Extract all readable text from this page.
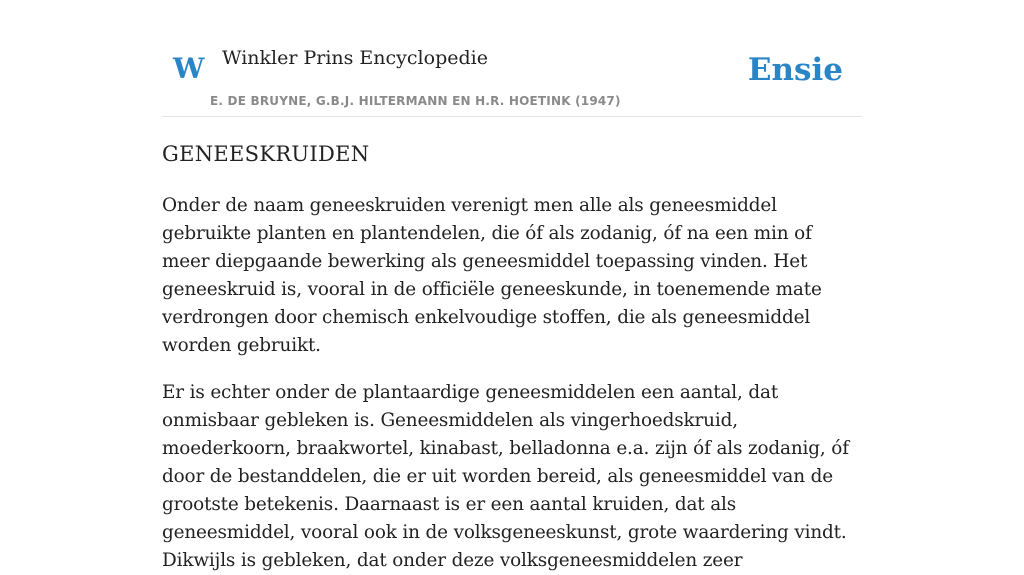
W Winkler Prins Encyclopedie
E. DE BRUYNE, G.B.J. HILTERMANN EN H.R. HOETINK (1947)
Ensie
GENEESKRUIDEN

Onder de naam geneeskruiden verenigt men alle als geneesmiddel gebruikte planten en plantendelen, die óf als zodanig, óf na een min of meer diepgaande bewerking als geneesmiddel toepassing vinden. Het geneeskruid is, vooral in de officiële geneeskunde, in toenemende mate verdrongen door chemisch enkelvoudige stoffen, die als geneesmiddel worden gebruikt.

Er is echter onder de plantaardige geneesmiddelen een aantal, dat onmisbaar gebleken is. Geneesmiddelen als vingerhoedskruid, moederkoorn, braakwortel, kinabast, belladonna e.a. zijn óf als zodanig, óf door de bestanddelen, die er uit worden bereid, als geneesmiddel van de grootste betekenis. Daarnaast is er een aantal kruiden, dat als geneesmiddel, vooral ook in de volksgeneeskunst, grote waardering vindt. Dikwijls is gebleken, dat onder deze volksgeneesmiddelen zeer
